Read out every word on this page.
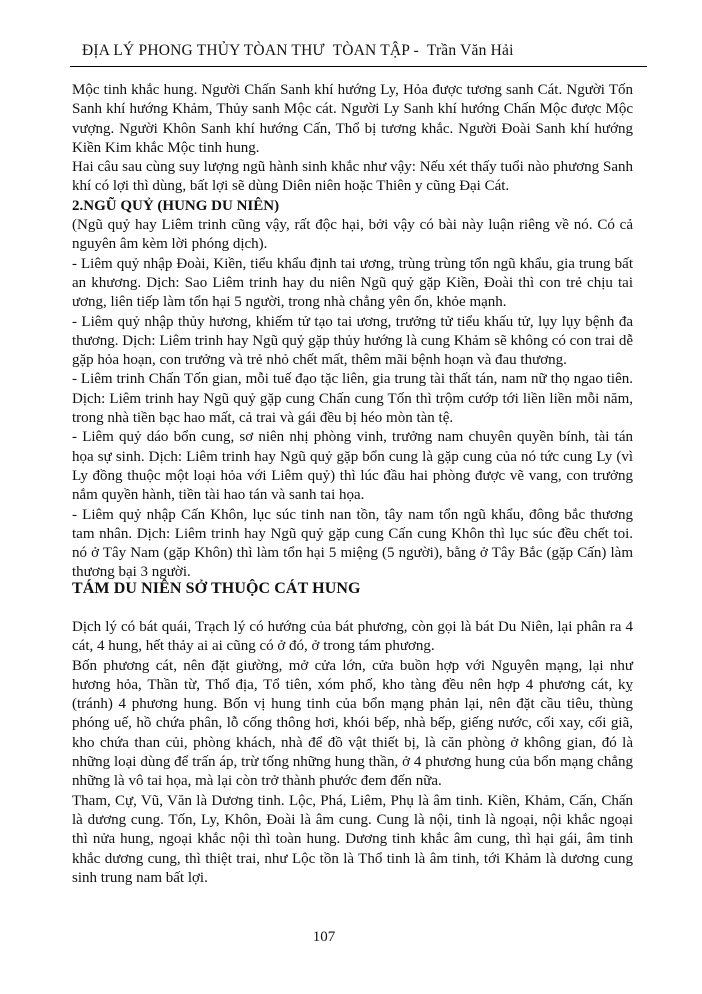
ĐỊA LÝ PHONG THỦY TÒAN THƯ  TÒAN TẬP -  Trần Văn Hải

Mộc tinh khắc hung. Người Chấn Sanh khí hướng Ly, Hỏa được tương sanh Cát. Người Tốn Sanh khí hướng Khảm, Thủy sanh Mộc cát. Người Ly Sanh khí hướng Chấn Mộc được Mộc vượng. Người Khôn Sanh khí hướng Cấn, Thổ bị tương khắc. Người Đoài Sanh khí hướng Kiền Kim khắc Mộc tinh hung.

Hai câu sau cùng suy lượng ngũ hành sinh khắc như vậy: Nếu xét thấy tuổi nào phương Sanh khí có lợi thì dùng, bất lợi sẽ dùng Diên niên hoặc Thiên y cũng Đại Cát.

2.NGŨ QUỶ (HUNG DU NIÊN)

(Ngũ quỷ hay Liêm trinh cũng vậy, rất độc hại, bởi vậy có bài này luận riêng về nó. Có cả nguyên âm kèm lời phóng dịch).

- Liêm quỷ nhập Đoài, Kiền, tiểu khẩu định tai ương, trùng trùng tổn ngũ khẩu, gia trung bất an khương. Dịch: Sao Liêm trinh hay du niên Ngũ quỷ gặp Kiền, Đoài thì con trẻ chịu tai ương, liên tiếp làm tổn hại 5 người, trong nhà chẳng yên ổn, khỏe mạnh.

- Liêm quỷ nhập thủy hương, khiếm tử tạo tai ương, trưởng tử tiểu khấu tử, lụy lụy bệnh đa thương. Dịch: Liêm trinh hay Ngũ quỷ gặp thủy hướng là cung Khảm sẽ không có con trai dễ gặp hỏa hoạn, con trưởng và trẻ nhỏ chết mất, thêm mãi bệnh hoạn và đau thương.

- Liêm trinh Chấn Tốn gian, mỗi tuế đạo tặc liên, gia trung tài thất tán, nam nữ thọ ngao tiên. Dịch: Liêm trinh hay Ngũ quỷ gặp cung Chấn cung Tốn thì trộm cướp tới liền liền mỗi năm, trong nhà tiền bạc hao mất, cả trai và gái đều bị héo mòn tàn tệ.

- Liêm quỷ dáo bổn cung, sơ niên nhị phòng vinh, trưởng nam chuyên quyền bính, tài tán họa sự sinh. Dịch: Liêm trinh hay Ngũ quỷ gặp bổn cung là gặp cung của nó tức cung Ly (vì Ly đồng thuộc một loại hỏa với Liêm quỷ) thì lúc đầu hai phòng được vẽ vang, con trưởng nắm quyền hành, tiền tài hao tán và sanh tai họa.

- Liêm quỷ nhập Cấn Khôn, lục súc tinh nan tồn, tây nam tổn ngũ khẩu, đông bắc thương tam nhân. Dịch: Liêm trinh hay Ngũ quỷ gặp cung Cấn cung Khôn thì lục súc đều chết toi. nó ở Tây Nam (gặp Khôn) thì làm tổn hại 5 miệng (5 người), bằng ở Tây Bắc (gặp Cấn) làm thương bại 3 người.

TÁM DU NIÊN SỞ THUỘC CÁT HUNG

Dịch lý có bát quái, Trạch lý có hướng của bát phương, còn gọi là bát Du Niên, lại phân ra 4 cát, 4 hung, hết thảy ai ai cũng có ở đó, ở trong tám phương.

Bốn phương cát, nên đặt giường, mở cửa lớn, cửa buồn hợp với Nguyên mạng, lại như hương hỏa, Thần từ, Thổ địa, Tổ tiên, xóm phố, kho tàng đều nên hợp 4 phương cát, kỵ (tránh) 4 phương hung. Bốn vị hung tinh của bổn mạng phản lại, nên đặt cầu tiêu, thùng phóng uế, hồ chứa phân, lỗ cống thông hơi, khói bếp, nhà bếp, giếng nước, cối xay, cối giã, kho chứa than củi, phòng khách, nhà để đồ vật thiết bị, là căn phòng ở không gian, đó là những loại dùng để trấn áp, trừ tống những hung thần, ở 4 phương hung của bổn mạng chẳng những là vô tai họa, mà lại còn trở thành phước đem đến nữa.

Tham, Cự, Vũ, Văn là Dương tinh. Lộc, Phá, Liêm, Phụ là âm tinh. Kiền, Khảm, Cấn, Chấn là dương cung. Tốn, Ly, Khôn, Đoài là âm cung. Cung là nội, tinh là ngoại, nội khắc ngoại thì nửa hung, ngoại khắc nội thì toàn hung. Dương tinh khắc âm cung, thì hại gái, âm tinh khắc dương cung, thì thiệt trai, như Lộc tồn là Thổ tinh là âm tinh, tới Khảm là dương cung sinh trung nam bất lợi.

107
